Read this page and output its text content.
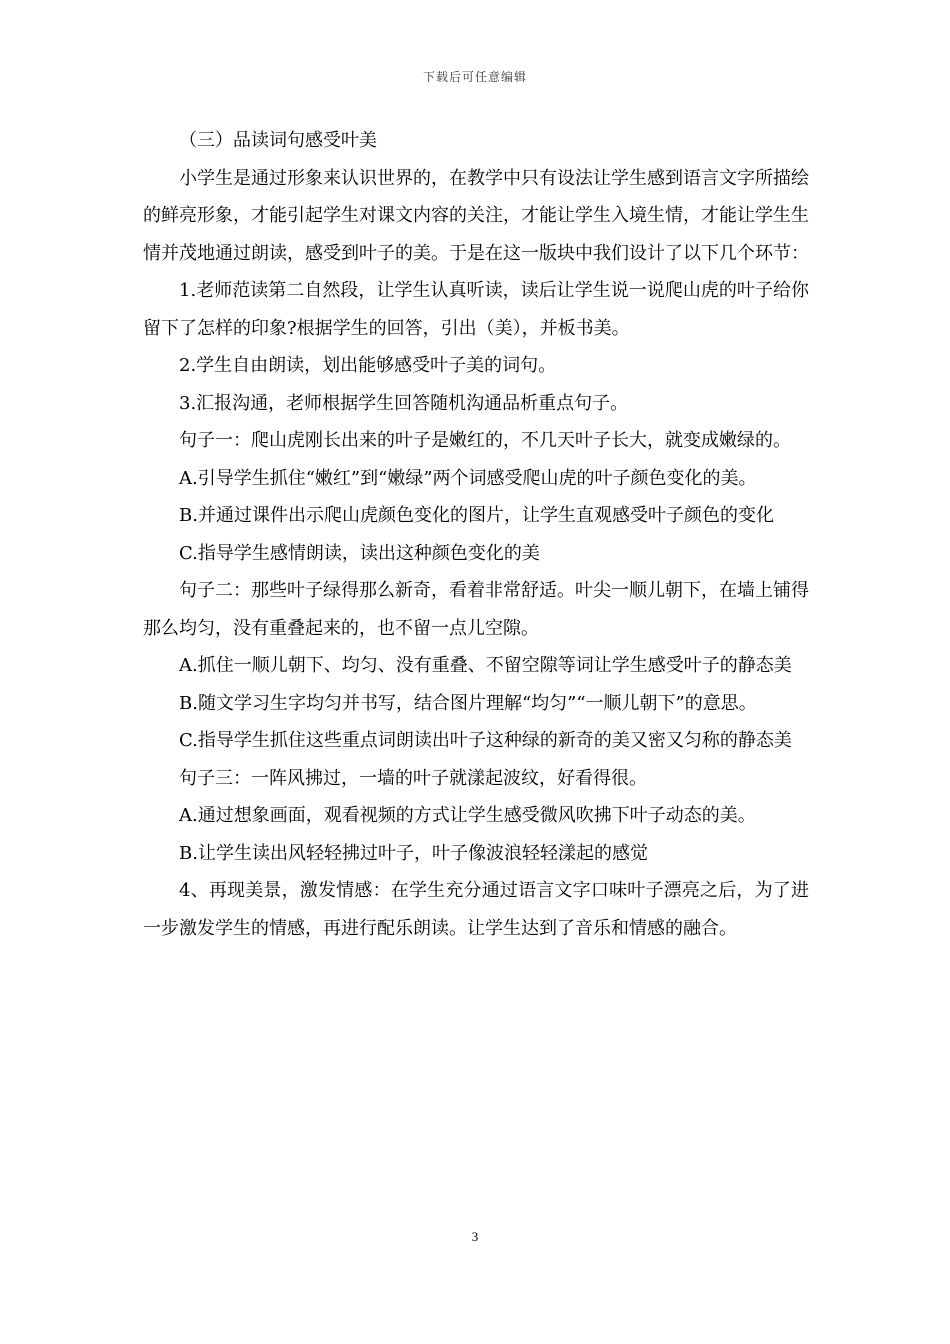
下载后可任意编辑

（三）品读词句感受叶美

小学生是通过形象来认识世界的，在教学中只有设法让学生感到语言文字所描绘的鲜亮形象，才能引起学生对课文内容的关注，才能让学生入境生情，才能让学生生情并茂地通过朗读，感受到叶子的美。于是在这一版块中我们设计了以下几个环节：

1.老师范读第二自然段，让学生认真听读，读后让学生说一说爬山虎的叶子给你留下了怎样的印象?根据学生的回答，引出（美），并板书美。

2.学生自由朗读，划出能够感受叶子美的词句。

3.汇报沟通，老师根据学生回答随机沟通品析重点句子。

句子一：爬山虎刚长出来的叶子是嫩红的，不几天叶子长大，就变成嫩绿的。

A.引导学生抓住“嫩红”到“嫩绿”两个词感受爬山虎的叶子颜色变化的美。

B.并通过课件出示爬山虎颜色变化的图片，让学生直观感受叶子颜色的变化

C.指导学生感情朗读，读出这种颜色变化的美

句子二：那些叶子绿得那么新奇，看着非常舒适。叶尖一顺儿朝下，在墙上铺得那么均匀，没有重叠起来的，也不留一点儿空隙。

A.抓住一顺儿朝下、均匀、没有重叠、不留空隙等词让学生感受叶子的静态美

B.随文学习生字均匀并书写，结合图片理解“均匀”“一顺儿朝下”的意思。

C.指导学生抓住这些重点词朗读出叶子这种绿的新奇的美又密又匀称的静态美

句子三：一阵风拂过，一墙的叶子就漾起波纹，好看得很。

A.通过想象画面，观看视频的方式让学生感受微风吹拂下叶子动态的美。

B.让学生读出风轻轻拂过叶子，叶子像波浪轻轻漾起的感觉

4、再现美景，激发情感：在学生充分通过语言文字口味叶子漂亮之后，为了进一步激发学生的情感，再进行配乐朗读。让学生达到了音乐和情感的融合。

3
